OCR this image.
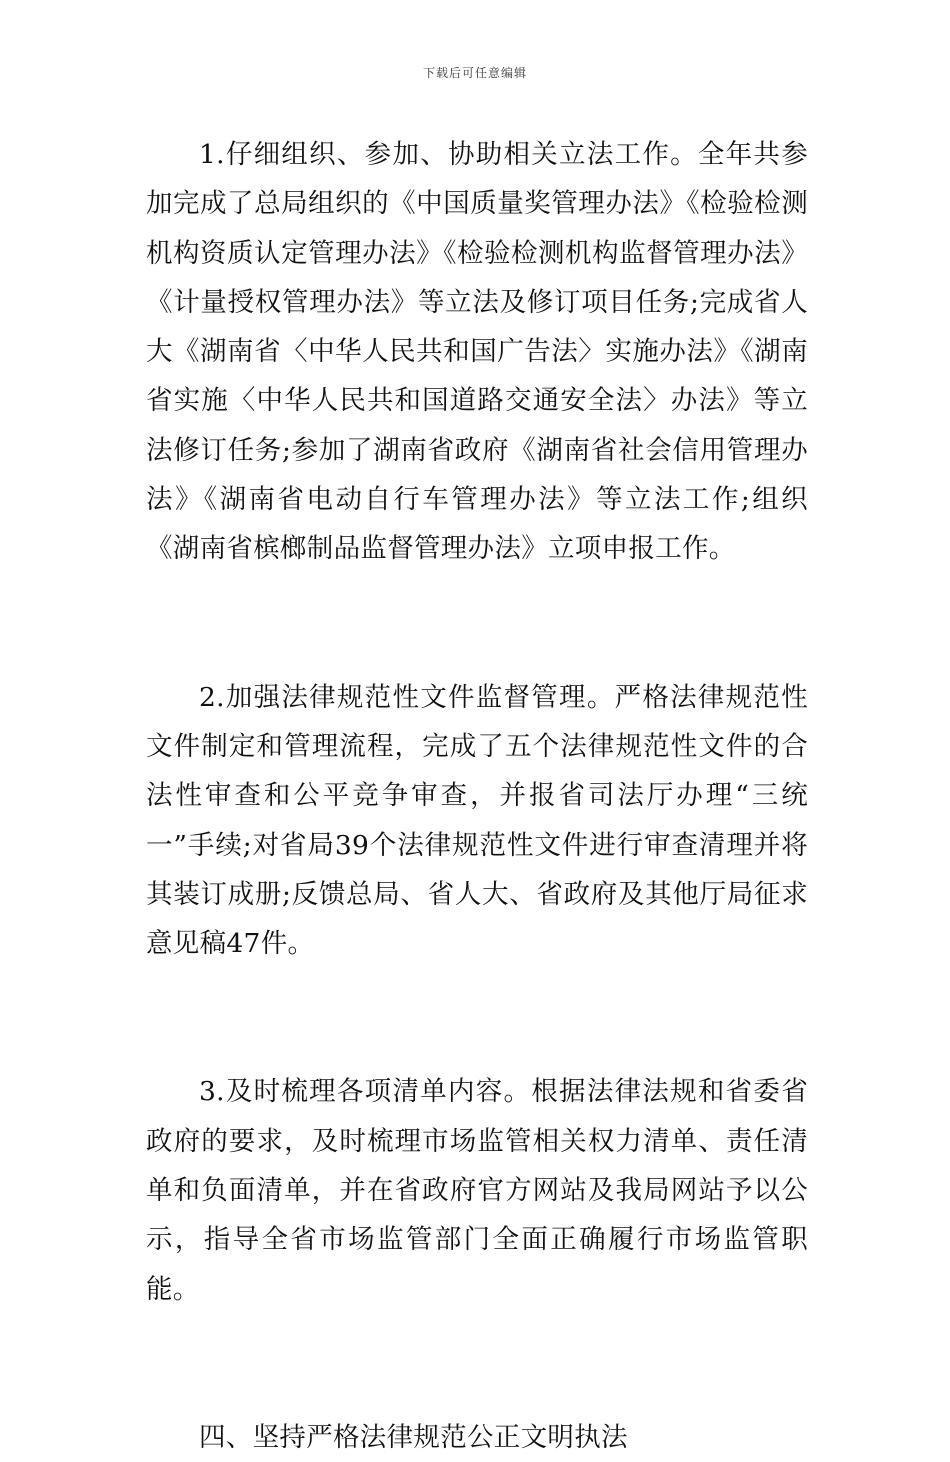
下载后可任意编辑

1.仔细组织、参加、协助相关立法工作。全年共参加完成了总局组织的《中国质量奖管理办法》《检验检测机构资质认定管理办法》《检验检测机构监督管理办法》《计量授权管理办法》等立法及修订项目任务;完成省人大《湖南省〈中华人民共和国广告法〉实施办法》《湖南省实施〈中华人民共和国道路交通安全法〉办法》等立法修订任务;参加了湖南省政府《湖南省社会信用管理办法》《湖南省电动自行车管理办法》等立法工作;组织《湖南省槟榔制品监督管理办法》立项申报工作。

2.加强法律规范性文件监督管理。严格法律规范性文件制定和管理流程，完成了五个法律规范性文件的合法性审查和公平竞争审查，并报省司法厅办理“三统一”手续;对省局39个法律规范性文件进行审查清理并将其装订成册;反馈总局、省人大、省政府及其他厅局征求意见稿47件。

3.及时梳理各项清单内容。根据法律法规和省委省政府的要求，及时梳理市场监管相关权力清单、责任清单和负面清单，并在省政府官方网站及我局网站予以公示，指导全省市场监管部门全面正确履行市场监管职能。

四、坚持严格法律规范公正文明执法
